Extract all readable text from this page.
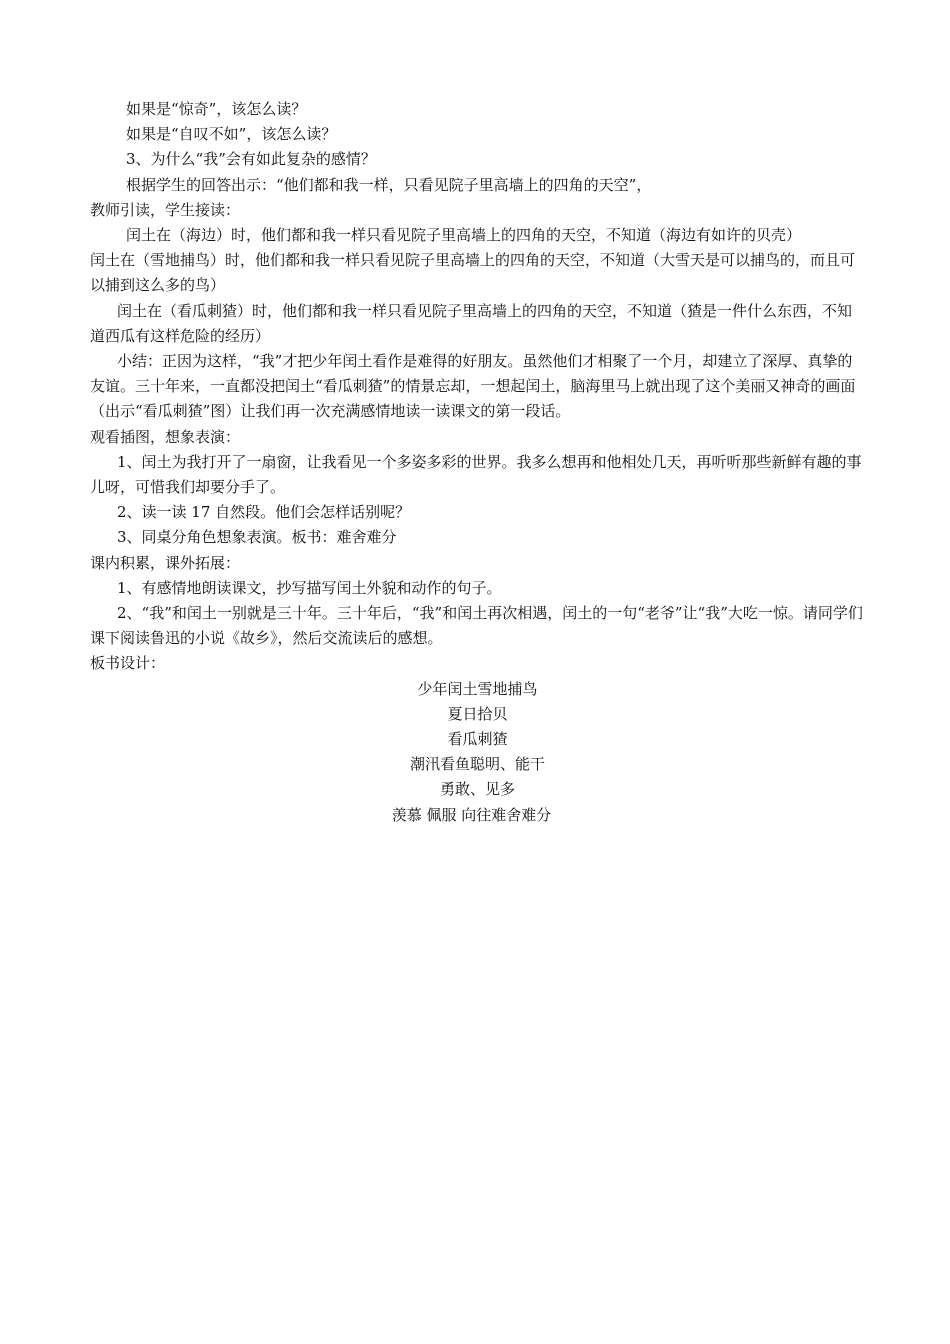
如果是“惊奇”，该怎么读？

如果是“自叹不如”，该怎么读？

3、为什么“我”会有如此复杂的感情？

根据学生的回答出示：“他们都和我一样，只看见院子里高墙上的四角的天空”，

教师引读，学生接读：

闰土在（海边）时，他们都和我一样只看见院子里高墙上的四角的天空，不知道（海边有如许的贝壳）

闰土在（雪地捕鸟）时，他们都和我一样只看见院子里高墙上的四角的天空，不知道（大雪天是可以捕鸟的，而且可以捕到这么多的鸟）

闰土在（看瓜刺猹）时，他们都和我一样只看见院子里高墙上的四角的天空，不知道（猹是一件什么东西，不知道西瓜有这样危险的经历）

小结：正因为这样，“我”才把少年闰土看作是难得的好朋友。虽然他们才相聚了一个月，却建立了深厚、真挚的友谊。三十年来，一直都没把闰土“看瓜刺猹”的情景忘却，一想起闰土，脑海里马上就出现了这个美丽又神奇的画面（出示“看瓜刺猹”图）让我们再一次充满感情地读一读课文的第一段话。

观看插图，想象表演：

1、闰土为我打开了一扇窗，让我看见一个多姿多彩的世界。我多么想再和他相处几天，再听听那些新鲜有趣的事儿呀，可惜我们却要分手了。

2、读一读 17 自然段。他们会怎样话别呢？

3、同桌分角色想象表演。板书：难舍难分

课内积累，课外拓展：

1、有感情地朗读课文，抄写描写闰土外貌和动作的句子。

2、“我”和闰土一别就是三十年。三十年后，“我”和闰土再次相遇，闰土的一句“老爷”让“我”大吃一惊。请同学们课下阅读鲁迅的小说《故乡》，然后交流读后的感想。

板书设计：

少年闰土雪地捕鸟
夏日拾贝
看瓜刺猹
潮汛看鱼聪明、能干
勇敢、见多
羡慕 佩服 向往难舍难分
